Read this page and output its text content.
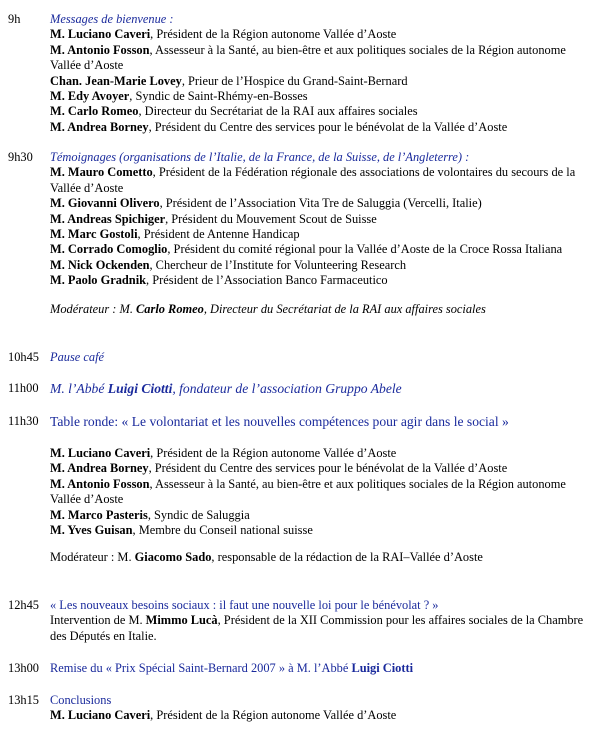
9h	Messages de bienvenue :
M. Luciano Caveri, Président de la Région autonome Vallée d’Aoste
M. Antonio Fosson, Assesseur à la Santé, au bien-être et aux politiques sociales de la Région autonome Vallée d’Aoste
Chan. Jean-Marie Lovey, Prieur de l’Hospice du Grand-Saint-Bernard
M. Edy Avoyer, Syndic de Saint-Rhémy-en-Bosses
M. Carlo Romeo, Directeur du Secrétariat de la RAI aux affaires sociales
M. Andrea Borney, Président du Centre des services pour le bénévolat de la Vallée d’Aoste
9h30	Témoignages (organisations de l’Italie, de la France, de la Suisse, de l’Angleterre) :
M. Mauro Cometto, Président de la Fédération régionale des associations de volontaires du secours de la Vallée d’Aoste
M. Giovanni Olivero, Président de l’Association Vita Tre de Saluggia (Vercelli, Italie)
M. Andreas Spichiger, Président du Mouvement Scout de Suisse
M. Marc Gostoli, Président de Antenne Handicap
M. Corrado Comoglio, Président du comité régional pour la Vallée d’Aoste de la Croce Rossa Italiana
M. Nick Ockenden, Chercheur de l’Institute for Volunteering Research
M. Paolo Gradnik, Président de l’Association Banco Farmaceutico
Modérateur : M. Carlo Romeo, Directeur du Secrétariat de la RAI aux affaires sociales
10h45 Pause café
11h00 M. l’Abbé Luigi Ciotti, fondateur de l’association Gruppo Abele
11h30 Table ronde: « Le volontariat et les nouvelles compétences pour agir dans le social »
M. Luciano Caveri, Président de la Région autonome Vallée d’Aoste
M. Andrea Borney, Président du Centre des services pour le bénévolat de la Vallée d’Aoste
M. Antonio Fosson, Assesseur à la Santé, au bien-être et aux politiques sociales de la Région autonome Vallée d’Aoste
M. Marco Pasteris, Syndic de Saluggia
M. Yves Guisan, Membre du Conseil national suisse
Modérateur : M. Giacomo Sado, responsable de la rédaction de la RAI–Vallée d’Aoste
12h45 « Les nouveaux besoins sociaux : il faut une nouvelle loi pour le bénévolat ? »
Intervention de M. Mimmo Lucà, Président de la XII Commission pour les affaires sociales de la Chambre des Députés en Italie.
13h00 Remise du « Prix Spécial Saint-Bernard 2007 » à M. l’Abbé Luigi Ciotti
13h15 Conclusions
M. Luciano Caveri, Président de la Région autonome Vallée d’Aoste
